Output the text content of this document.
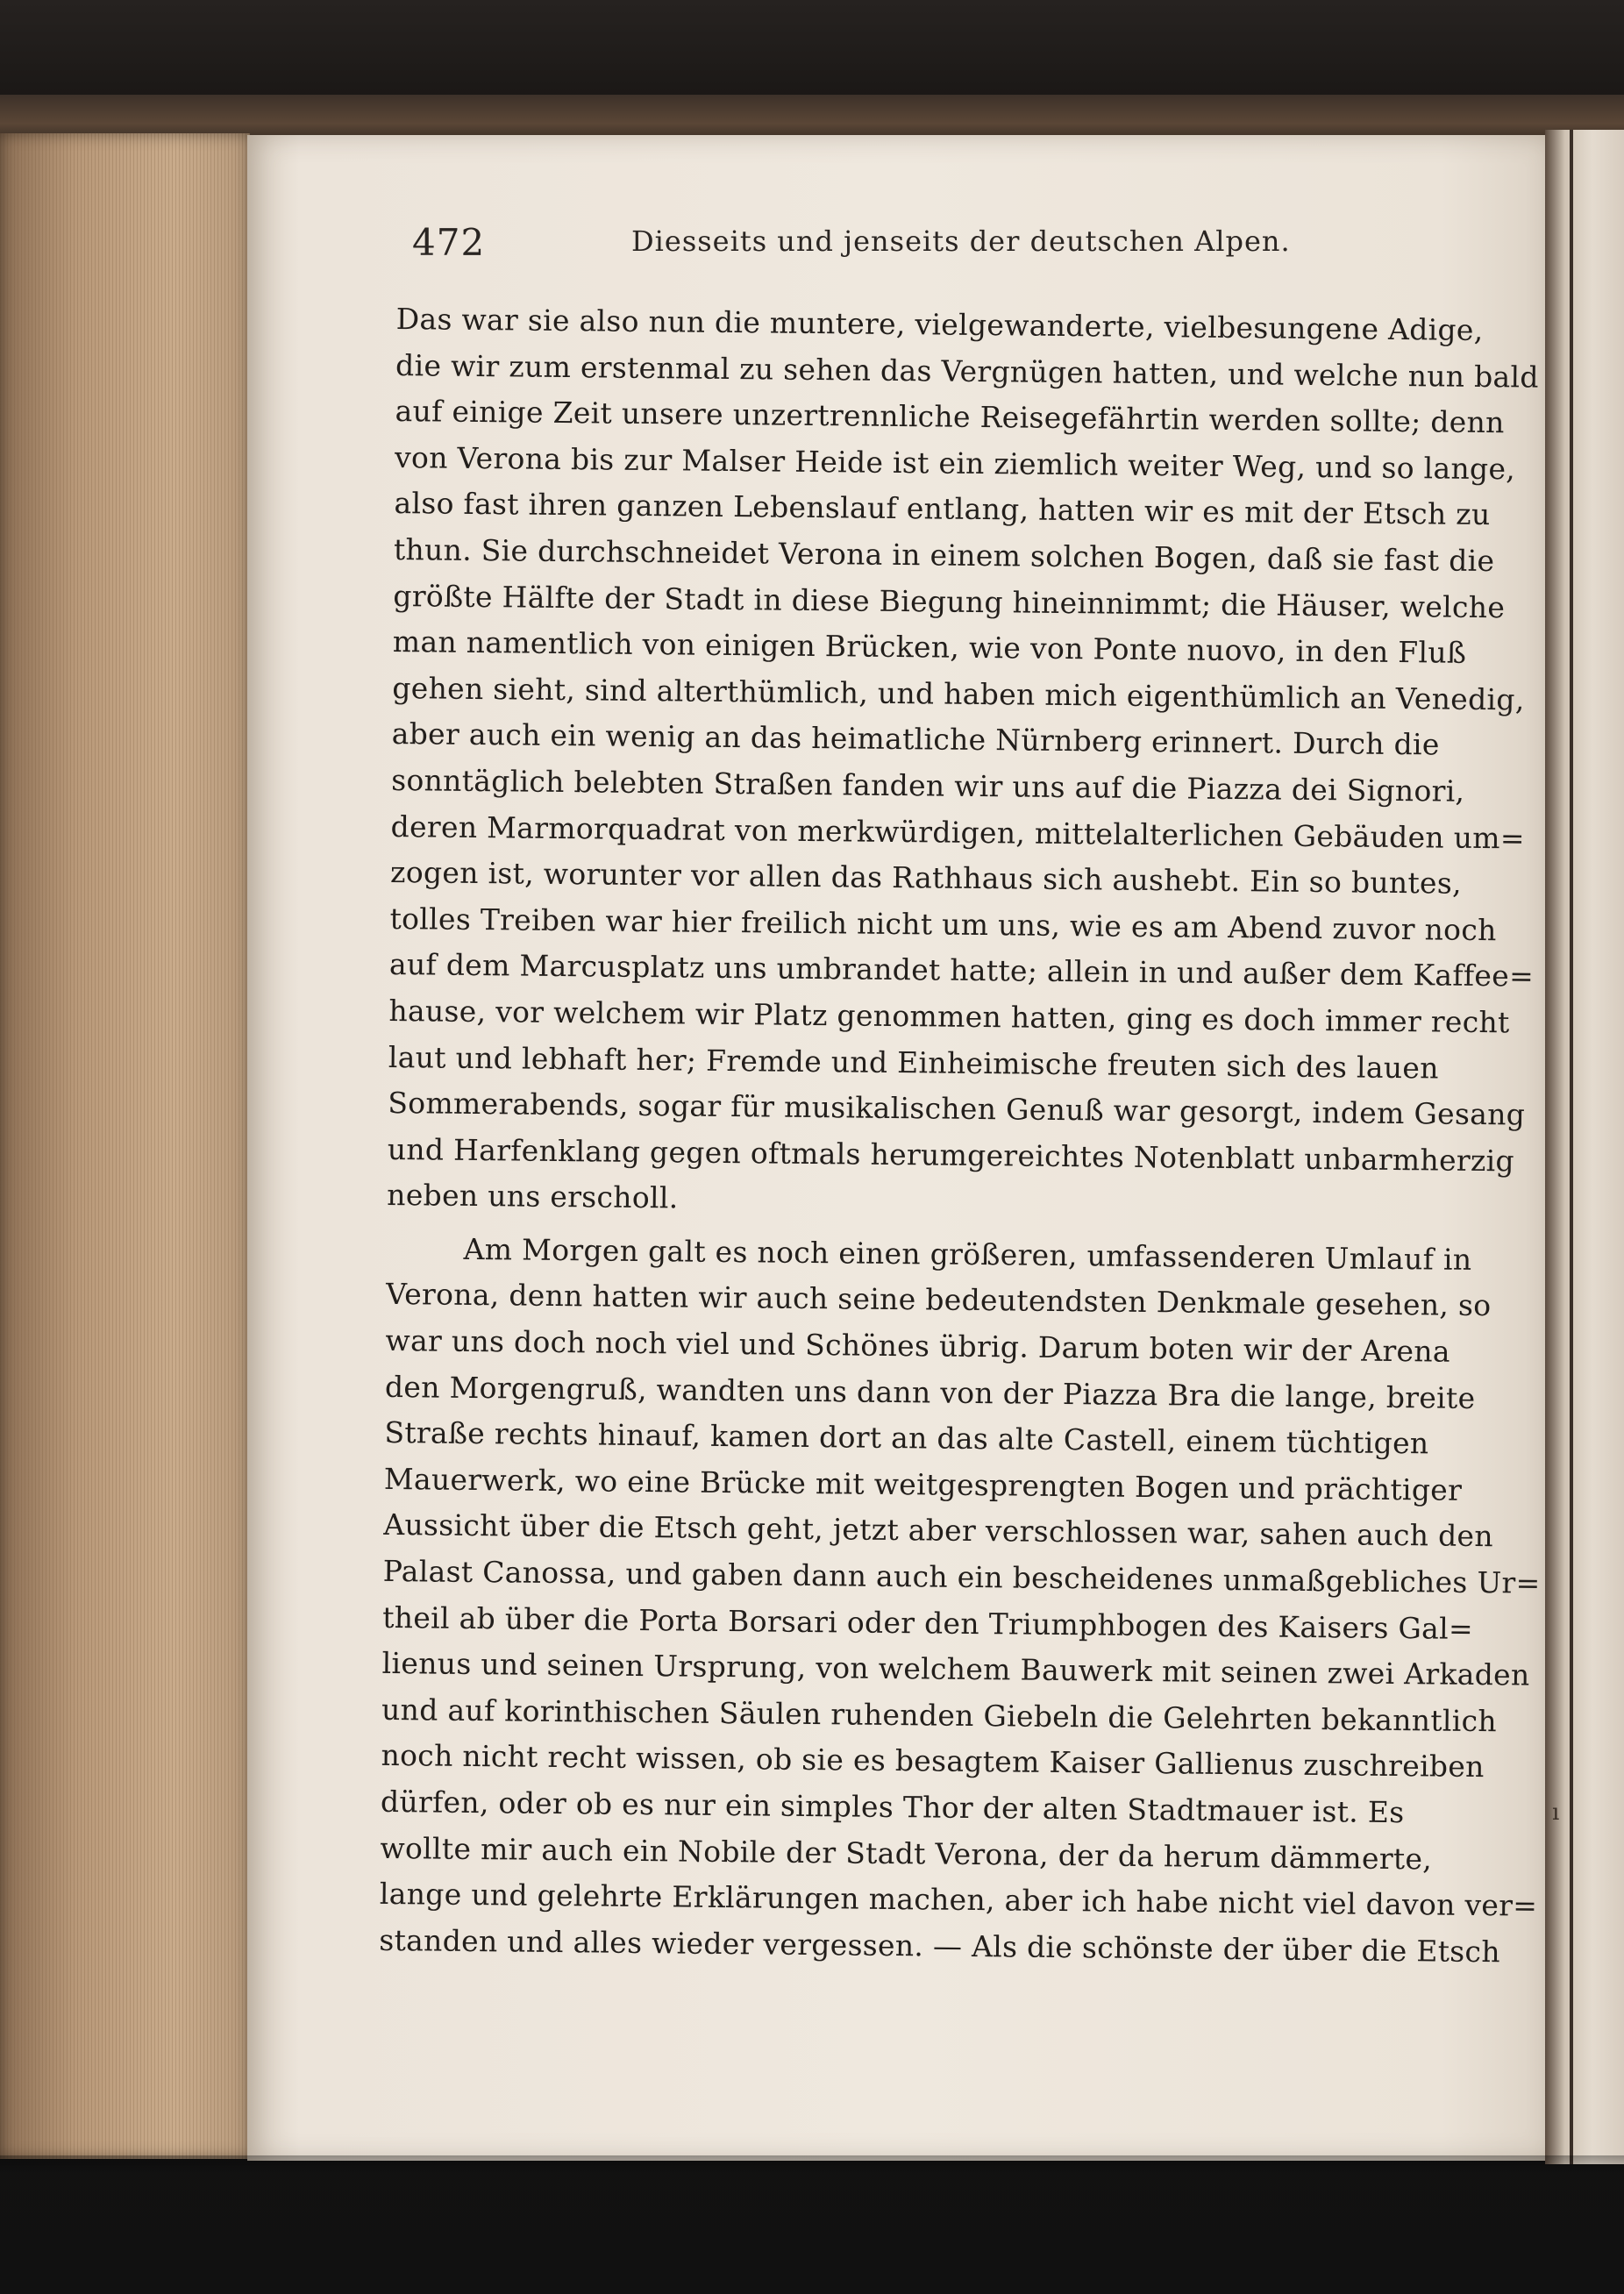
472	Diesseits und jenseits der deutschen Alpen.
Das war sie also nun die muntere, vielgewanderte, vielbesungene Adige,
die wir zum erstenmal zu sehen das Vergnügen hatten, und welche nun bald
auf einige Zeit unsere unzertrennliche Reisegefährtin werden sollte; denn
von Verona bis zur Malser Heide ist ein ziemlich weiter Weg, und so lange,
also fast ihren ganzen Lebenslauf entlang, hatten wir es mit der Etsch zu
thun. Sie durchschneidet Verona in einem solchen Bogen, daß sie fast die
größte Hälfte der Stadt in diese Biegung hineinnimmt; die Häuser, welche
man namentlich von einigen Brücken, wie von Ponte nuovo, in den Fluß
gehen sieht, sind alterthümlich, und haben mich eigenthümlich an Venedig,
aber auch ein wenig an das heimatliche Nürnberg erinnert. Durch die
sonntäglich belebten Straßen fanden wir uns auf die Piazza dei Signori,
deren Marmorquadrat von merkwürdigen, mittelalterlichen Gebäuden um=
zogen ist, worunter vor allen das Rathhaus sich aushebt. Ein so buntes,
tolles Treiben war hier freilich nicht um uns, wie es am Abend zuvor noch
auf dem Marcusplatz uns umbrandet hatte; allein in und außer dem Kaffee=
hause, vor welchem wir Platz genommen hatten, ging es doch immer recht
laut und lebhaft her; Fremde und Einheimische freuten sich des lauen
Sommerabends, sogar für musikalischen Genuß war gesorgt, indem Gesang
und Harfenklang gegen oftmals herumgereichtes Notenblatt unbarmherzig
neben uns erscholl.
Am Morgen galt es noch einen größeren, umfassenderen Umlauf in
Verona, denn hatten wir auch seine bedeutendsten Denkmale gesehen, so
war uns doch noch viel und Schönes übrig. Darum boten wir der Arena
den Morgengruß, wandten uns dann von der Piazza Bra die lange, breite
Straße rechts hinauf, kamen dort an das alte Castell, einem tüchtigen
Mauerwerk, wo eine Brücke mit weitgesprengten Bogen und prächtiger
Aussicht über die Etsch geht, jetzt aber verschlossen war, sahen auch den
Palast Canossa, und gaben dann auch ein bescheidenes unmaßgebliches Ur=
theil ab über die Porta Borsari oder den Triumphbogen des Kaisers Gal=
lienus und seinen Ursprung, von welchem Bauwerk mit seinen zwei Arkaden
und auf korinthischen Säulen ruhenden Giebeln die Gelehrten bekanntlich
noch nicht recht wissen, ob sie es besagtem Kaiser Gallienus zuschreiben
dürfen, oder ob es nur ein simples Thor der alten Stadtmauer ist. Es
wollte mir auch ein Nobile der Stadt Verona, der da herum dämmerte,
lange und gelehrte Erklärungen machen, aber ich habe nicht viel davon ver=
standen und alles wieder vergessen. — Als die schönste der über die Etsch
ı
